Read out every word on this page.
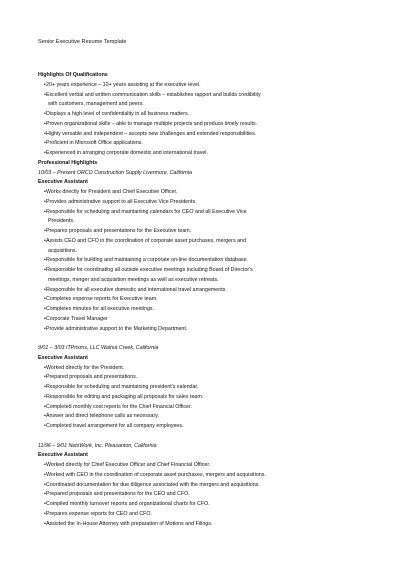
Senior Executive Resume Template
Highlights Of Qualifications
• 20+ years experience – 10+ years assisting at the executive level.
• Excellent verbal and written communication skills – establishes rapport and builds credibility
with customers, management and peers.
• Displays a high level of confidentiality in all business matters.
• Proven organizational skills – able to manage multiple projects and produce timely results.
• Highly versatile and independent – accepts new challenges and extended responsibilities.
• Proficient in Microsoft Office applications.
• Experienced in arranging corporate domestic and international travel.
Professional Highlights
10/03 – Present ORCO Construction Supply Livermore, California
Executive Assistant
• Works directly for President and Chief Executive Officer.
• Provides administrative support to all Executive Vice Presidents.
• Responsible for scheduling and maintaining calendars for CEO and all Executive Vice
Presidents.
• Prepares proposals and presentations for the Executive team.
• Assists CEO and CFO in the coordination of corporate asset purchases, mergers and
acquisitions.
• Responsible for building and maintaining a corporate on-line documentation database.
• Responsible for coordinating all outside executive meetings including Board of Director's
meetings, merger and acquisition meetings as well as executive retreats.
• Responsible for all executive domestic and international travel arrangements.
• Completes expense reports for Executive team.
• Completes minutes for all executive meetings.
• Corporate Travel Manager
• Provide administrative support to the Marketing Department.
9/01 – 3/03 ITPrisms, LLC Walnut Creek, California
Executive Assistant
• Worked directly for the President.
• Prepared proposals and presentations.
• Responsible for scheduling and maintaining president's calendar.
• Responsible for editing and packaging all proposals for sales team.
• Completed monthly cost reports for the Chief Financial Officer.
• Answer and direct telephone calls as necessary.
• Completed travel arrangement for all company employees.
11/96 – 9/01 NetsWork, Inc. Pleasanton, California
Executive Assistant
• Worked directly for Chief Executive Officer and Chief Financial Officer.
• Worked with CEO in the coordination of corporate asset purchases, mergers and acquisitions.
• Coordinated documentation for due diligence associated with the mergers and acquisitions.
• Prepared proposals and presentations for the CEO and CFO.
• Compiled monthly turnover reports and organizational charts for CFO.
• Prepares expense reports for CEO and CFO.
• Assisted the In-House Attorney with preparation of Motions and Filings.
